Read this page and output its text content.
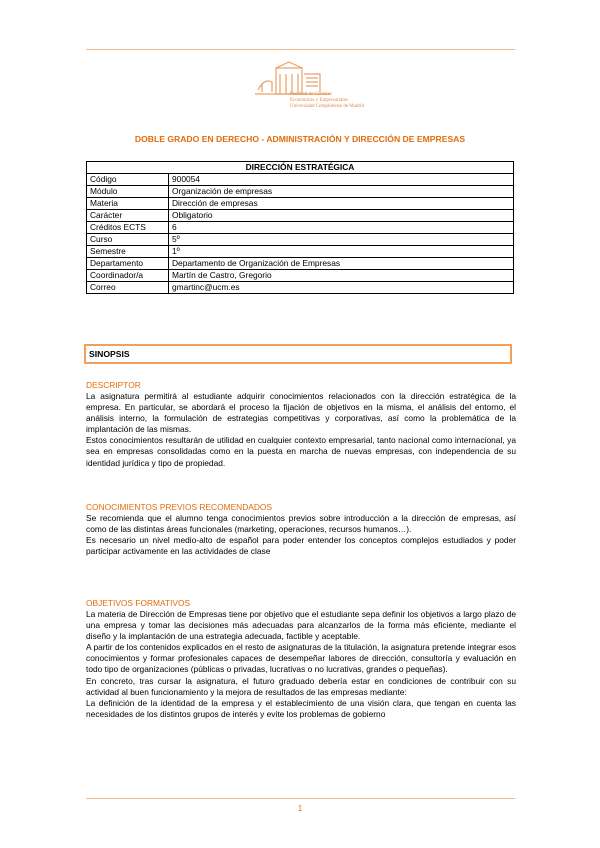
Facultad de Ciencias
Económicas y Empresariales
Universidad Complutense de Madrid
DOBLE GRADO EN DERECHO - ADMINISTRACIÓN Y DIRECCIÓN DE EMPRESAS
DIRECCIÓN ESTRATÉGICA	
Código	900054
Módulo	Organización de empresas
Materia	Dirección de empresas
Carácter	Obligatorio
Créditos ECTS	6
Curso	5º
Semestre	1º
Departamento	Departamento de Organización de Empresas
Coordinador/a	Martín de Castro, Gregorio
Correo	gmartinc@ucm.es
SINOPSIS
DESCRIPTOR

La asignatura permitirá al estudiante adquirir conocimientos relacionados con la dirección estratégica de la empresa. En particular, se abordará el proceso la fijación de objetivos en la misma, el análisis del entorno, el análisis interno, la formulación de estrategias competitivas y corporativas, así como la problemática de la implantación de las mismas.

Estos conocimientos resultarán de utilidad en cualquier contexto empresarial, tanto nacional como internacional, ya sea en empresas consolidadas como en la puesta en marcha de nuevas empresas, con independencia de su identidad jurídica y tipo de propiedad.

CONOCIMIENTOS PREVIOS RECOMENDADOS

Se recomienda que el alumno tenga conocimientos previos sobre introducción a la dirección de empresas, así como de las distintas áreas funcionales (marketing, operaciones, recursos humanos…).

Es necesario un nivel medio-alto de español para poder entender los conceptos complejos estudiados y poder participar activamente en las actividades de clase

OBJETIVOS FORMATIVOS

La materia de Dirección de Empresas tiene por objetivo que el estudiante sepa definir los objetivos a largo plazo de una empresa y tomar las decisiones más adecuadas para alcanzarlos de la forma más eficiente, mediante el diseño y la implantación de una estrategia adecuada, factible y aceptable.

A partir de los contenidos explicados en el resto de asignaturas de la titulación, la asignatura pretende integrar esos conocimientos y formar profesionales capaces de desempeñar labores de dirección, consultoría y evaluación en todo tipo de organizaciones (públicas o privadas, lucrativas o no lucrativas, grandes o pequeñas).

En concreto, tras cursar la asignatura, el futuro graduado debería estar en condiciones de contribuir con su actividad al buen funcionamiento y la mejora de resultados de las empresas mediante:

La definición de la identidad de la empresa y el establecimiento de una visión clara, que tengan en cuenta las necesidades de los distintos grupos de interés y evite los problemas de gobierno

1
